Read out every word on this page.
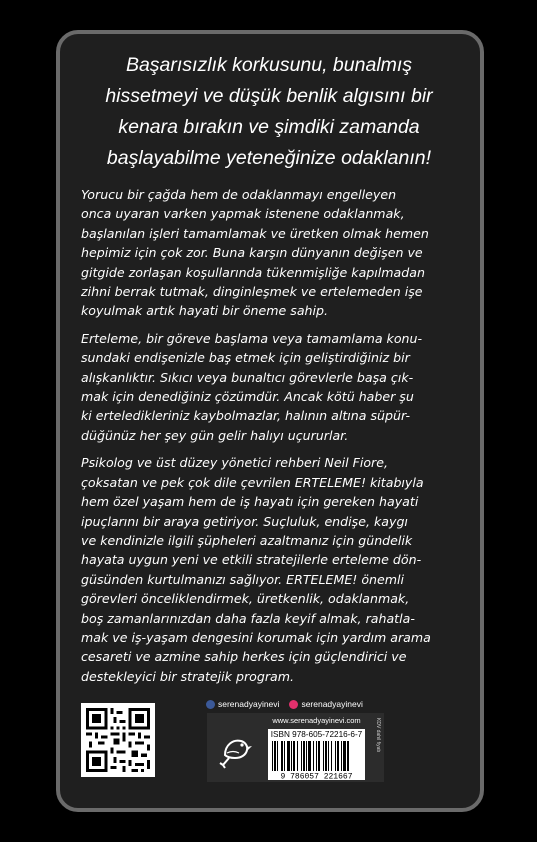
Başarısızlık korkusunu, bunalmış
hissetmeyi ve düşük benlik algısını bir
kenara bırakın ve şimdiki zamanda
başlayabilme yeteneğinize odaklanın!

Yorucu bir çağda hem de odaklanmayı engelleyen
onca uyaran varken yapmak istenene odaklanmak,
başlanılan işleri tamamlamak ve üretken olmak hemen
hepimiz için çok zor. Buna karşın dünyanın değişen ve
gitgide zorlaşan koşullarında tükenmişliğe kapılmadan
zihni berrak tutmak, dinginleşmek ve ertelemeden işe
koyulmak artık hayati bir öneme sahip.

Erteleme, bir göreve başlama veya tamamlama konu-
sundaki endişenizle baş etmek için geliştirdiğiniz bir
alışkanlıktır. Sıkıcı veya bunaltıcı görevlerle başa çık-
mak için denediğiniz çözümdür. Ancak kötü haber şu
ki erteledikleriniz kaybolmazlar, halının altına süpür-
düğünüz her şey gün gelir halıyı uçururlar.

Psikolog ve üst düzey yönetici rehberi Neil Fiore,
çoksatan ve pek çok dile çevrilen ERTELEME! kitabıyla
hem özel yaşam hem de iş hayatı için gereken hayati
ipuçlarını bir araya getiriyor. Suçluluk, endişe, kaygı
ve kendinizle ilgili şüpheleri azaltmanız için gündelik
hayata uygun yeni ve etkili stratejilerle erteleme dön-
güsünden kurtulmanızı sağlıyor. ERTELEME! önemli
görevleri önceliklendirmek, üretkenlik, odaklanmak,
boş zamanlarınızdan daha fazla keyif almak, rahatla-
mak ve iş-yaşam dengesini korumak için yardım arama
cesareti ve azmine sahip herkes için güçlendirici ve
destekleyici bir stratejik program.

serenadyayinevi	serenadyayinevi
www.serenadyayinevi.com
ISBN 978-605-72216-6-7
9 786057 221667
KDV dahil fiyatı
